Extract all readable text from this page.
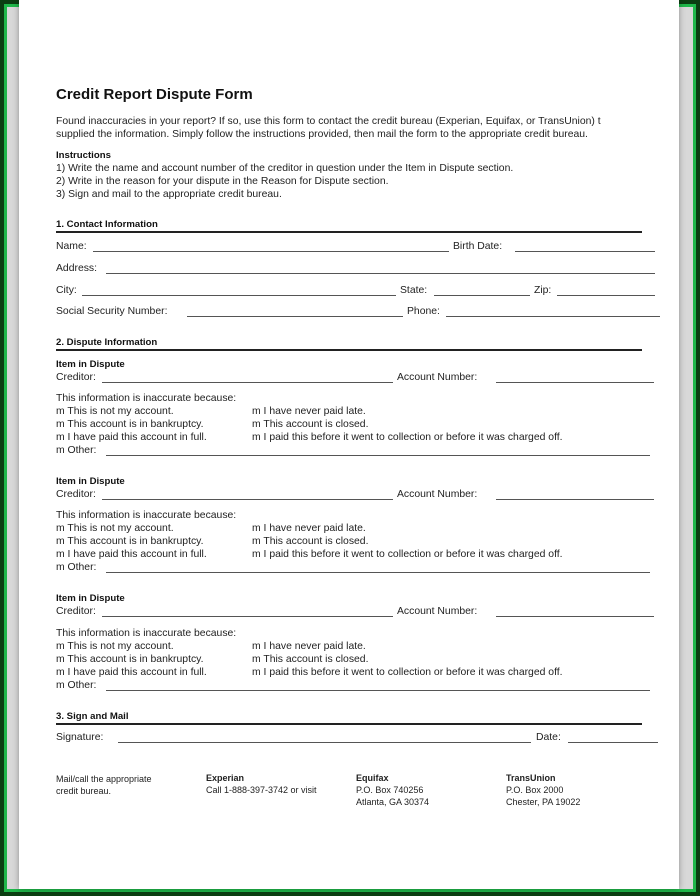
Credit Report Dispute Form
Found inaccuracies in your report? If so, use this form to contact the credit bureau (Experian, Equifax, or TransUnion) t
supplied the information. Simply follow the instructions provided, then mail the form to the appropriate credit bureau.
Instructions
1) Write the name and account number of the creditor in question under the Item in Dispute section.
2) Write in the reason for your dispute in the Reason for Dispute section.
3) Sign and mail to the appropriate credit bureau.
1. Contact Information
Name:	Birth Date:
Address:
City:	State:	Zip:
Social Security Number:	Phone:
2. Dispute Information
Item in Dispute
Creditor:	Account Number:
This information is inaccurate because:
m This is not my account.
m This account is in bankruptcy.
m I have paid this account in full.
m I have never paid late.
m This account is closed.
m I paid this before it went to collection or before it was charged off.
m Other:
Item in Dispute
Creditor:	Account Number:
This information is inaccurate because:
m This is not my account.
m This account is in bankruptcy.
m I have paid this account in full.
m I have never paid late.
m This account is closed.
m I paid this before it went to collection or before it was charged off.
m Other:
Item in Dispute
Creditor:	Account Number:
This information is inaccurate because:
m This is not my account.
m This account is in bankruptcy.
m I have paid this account in full.
m I have never paid late.
m This account is closed.
m I paid this before it went to collection or before it was charged off.
m Other:
3. Sign and Mail
Signature:	Date:
Mail/call the appropriate
credit bureau.
Experian
Call 1-888-397-3742 or visit
Equifax
P.O. Box 740256
Atlanta, GA 30374
TransUnion
P.O. Box 2000
Chester, PA 19022
